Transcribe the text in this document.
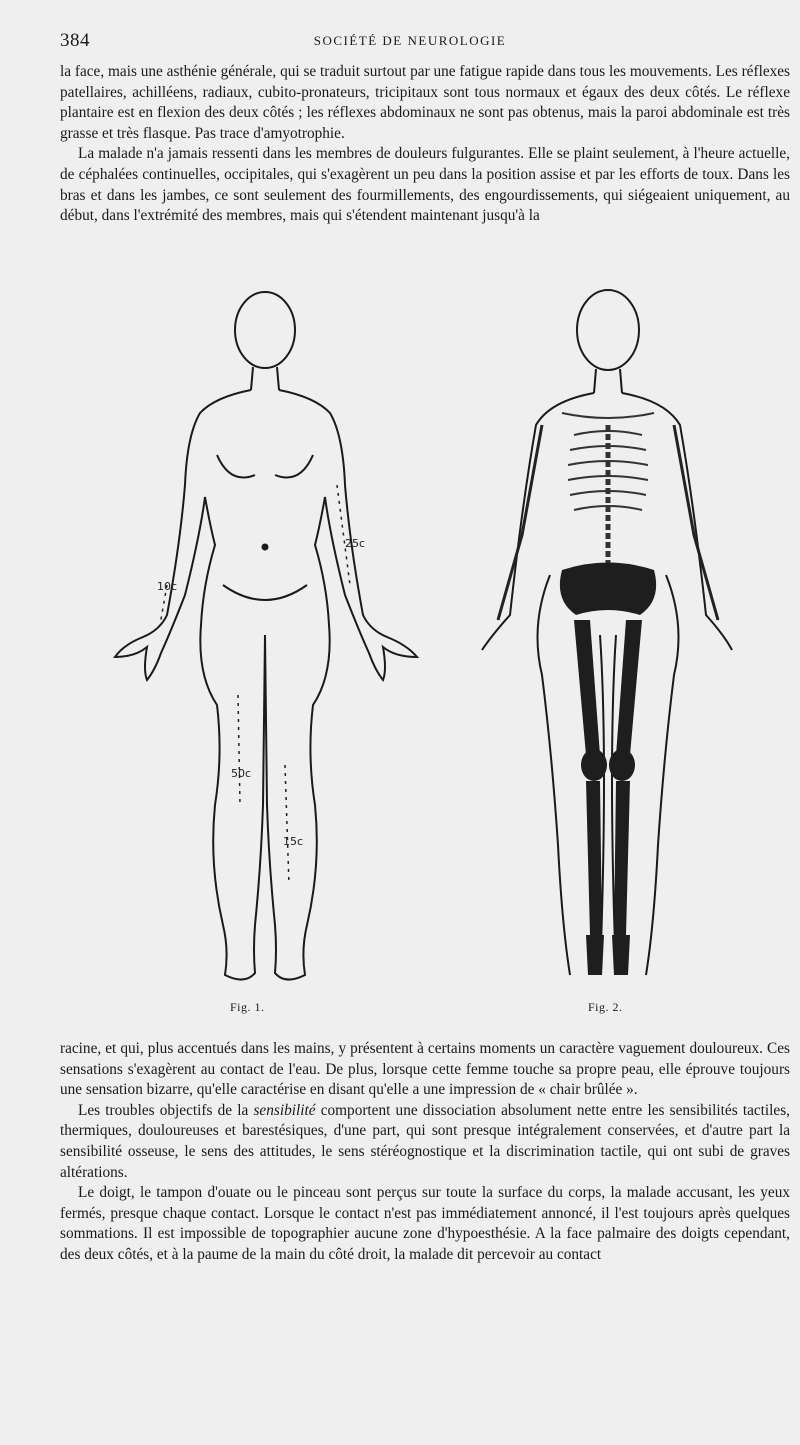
384	SOCIÉTÉ DE NEUROLOGIE

la face, mais une asthénie générale, qui se traduit surtout par une fatigue rapide dans tous les mouvements. Les réflexes patellaires, achilléens, radiaux, cubito-pronateurs, tricipitaux sont tous normaux et égaux des deux côtés. Le réflexe plantaire est en flexion des deux côtés ; les réflexes abdominaux ne sont pas obtenus, mais la paroi abdominale est très grasse et très flasque. Pas trace d'amyotrophie.

La malade n'a jamais ressenti dans les membres de douleurs fulgurantes. Elle se plaint seulement, à l'heure actuelle, de céphalées continuelles, occipitales, qui s'exagèrent un peu dans la position assise et par les efforts de toux. Dans les bras et dans les jambes, ce sont seulement des fourmillements, des engourdissements, qui siégeaient uniquement, au début, dans l'extrémité des membres, mais qui s'étendent maintenant jusqu'à la

25c
10c
50c
15c
Fig. 1.	Fig. 2.

racine, et qui, plus accentués dans les mains, y présentent à certains moments un caractère vaguement douloureux. Ces sensations s'exagèrent au contact de l'eau. De plus, lorsque cette femme touche sa propre peau, elle éprouve toujours une sensation bizarre, qu'elle caractérise en disant qu'elle a une impression de « chair brûlée ».

Les troubles objectifs de la sensibilité comportent une dissociation absolument nette entre les sensibilités tactiles, thermiques, douloureuses et barestésiques, d'une part, qui sont presque intégralement conservées, et d'autre part la sensibilité osseuse, le sens des attitudes, le sens stéréognostique et la discrimination tactile, qui ont subi de graves altérations.

Le doigt, le tampon d'ouate ou le pinceau sont perçus sur toute la surface du corps, la malade accusant, les yeux fermés, presque chaque contact. Lorsque le contact n'est pas immédiatement annoncé, il l'est toujours après quelques sommations. Il est impossible de topographier aucune zone d'hypoesthésie. A la face palmaire des doigts cependant, des deux côtés, et à la paume de la main du côté droit, la malade dit percevoir au contact
